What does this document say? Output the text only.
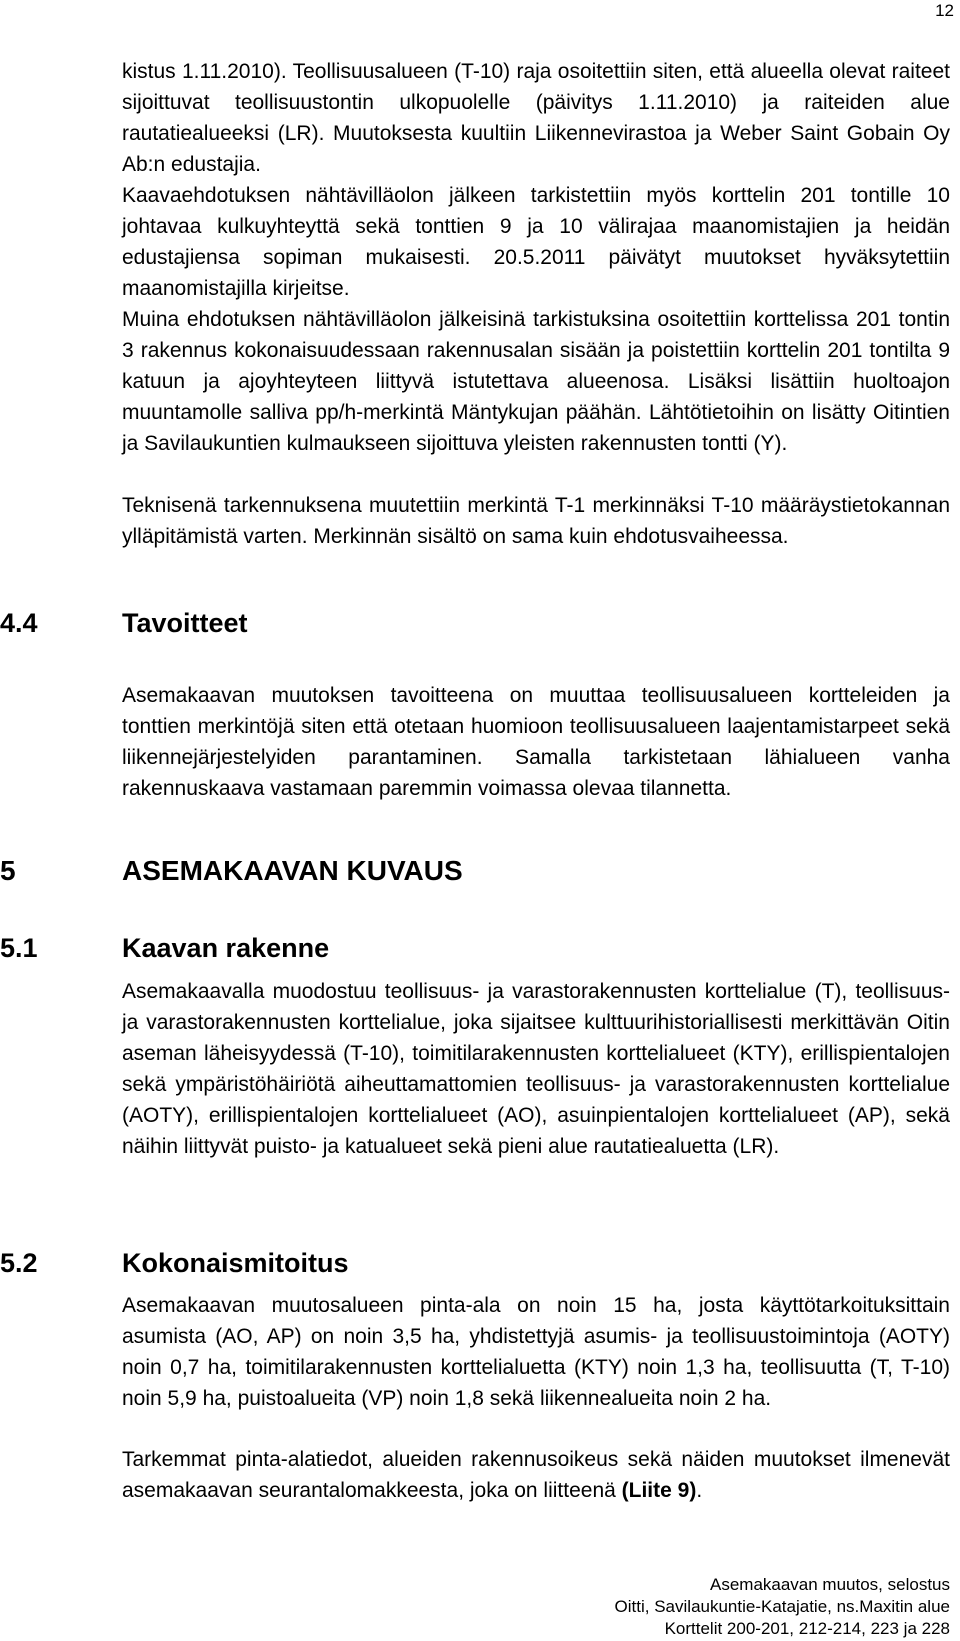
12

kistus 1.11.2010). Teollisuusalueen (T-10) raja osoitettiin siten, että alueella olevat raiteet sijoittuvat teollisuustontin ulkopuolelle (päivitys 1.11.2010) ja raiteiden alue rautatiealueeksi (LR). Muutoksesta kuultiin Liikennevirastoa ja Weber Saint Gobain Oy Ab:n edustajia.

Kaavaehdotuksen nähtävilläolon jälkeen tarkistettiin myös korttelin 201 tontille 10 johtavaa kulkuyhteyttä sekä tonttien 9 ja 10 välirajaa maanomistajien ja heidän edustajiensa sopiman mukaisesti. 20.5.2011 päivätyt muutokset hyväksytettiin maanomistajilla kirjeitse.

Muina ehdotuksen nähtävilläolon jälkeisinä tarkistuksina osoitettiin korttelissa 201 tontin 3 rakennus kokonaisuudessaan rakennusalan sisään ja poistettiin korttelin 201 tontilta 9 katuun ja ajoyhteyteen liittyvä istutettava alueenosa. Lisäksi lisättiin huoltoajon muuntamolle salliva pp/h-merkintä Mäntykujan päähän. Lähtötietoihin on lisätty Oitintien ja Savilaukuntien kulmaukseen sijoittuva yleisten rakennusten tontti (Y).

Teknisenä tarkennuksena muutettiin merkintä T-1 merkinnäksi T-10 määräystietokannan ylläpitämistä varten. Merkinnän sisältö on sama kuin ehdotusvaiheessa.

4.4	Tavoitteet

Asemakaavan muutoksen tavoitteena on muuttaa teollisuusalueen kortteleiden ja tonttien merkintöjä siten että otetaan huomioon teollisuusalueen laajentamistarpeet sekä liikennejärjestelyiden parantaminen. Samalla tarkistetaan lähialueen vanha rakennuskaava vastamaan paremmin voimassa olevaa tilannetta.

5	ASEMAKAAVAN KUVAUS
5.1	Kaavan rakenne

Asemakaavalla muodostuu teollisuus- ja varastorakennusten korttelialue (T), teollisuus- ja varastorakennusten korttelialue, joka sijaitsee kulttuurihistoriallisesti merkittävän Oitin aseman läheisyydessä (T-10), toimitilarakennusten korttelialueet (KTY), erillispientalojen sekä ympäristöhäiriötä aiheuttamattomien teollisuus- ja varastorakennusten korttelialue (AOTY), erillispientalojen korttelialueet (AO), asuinpientalojen korttelialueet (AP), sekä näihin liittyvät puisto- ja katualueet sekä pieni alue rautatiealuetta (LR).

5.2	Kokonaismitoitus

Asemakaavan muutosalueen pinta-ala on noin 15 ha, josta käyttötarkoituksittain asumista (AO, AP) on noin 3,5 ha, yhdistettyjä asumis- ja teollisuustoimintoja (AOTY) noin 0,7 ha, toimitilarakennusten korttelialuetta (KTY) noin 1,3 ha, teollisuutta (T, T-10) noin 5,9 ha, puistoalueita (VP) noin 1,8 sekä liikennealueita noin 2 ha.

Tarkemmat pinta-alatiedot, alueiden rakennusoikeus sekä näiden muutokset ilmenevät asemakaavan seurantalomakkeesta, joka on liitteenä (Liite 9).

Asemakaavan muutos, selostus
Oitti, Savilaukuntie-Katajatie, ns.Maxitin alue
Korttelit 200-201, 212-214, 223 ja 228
